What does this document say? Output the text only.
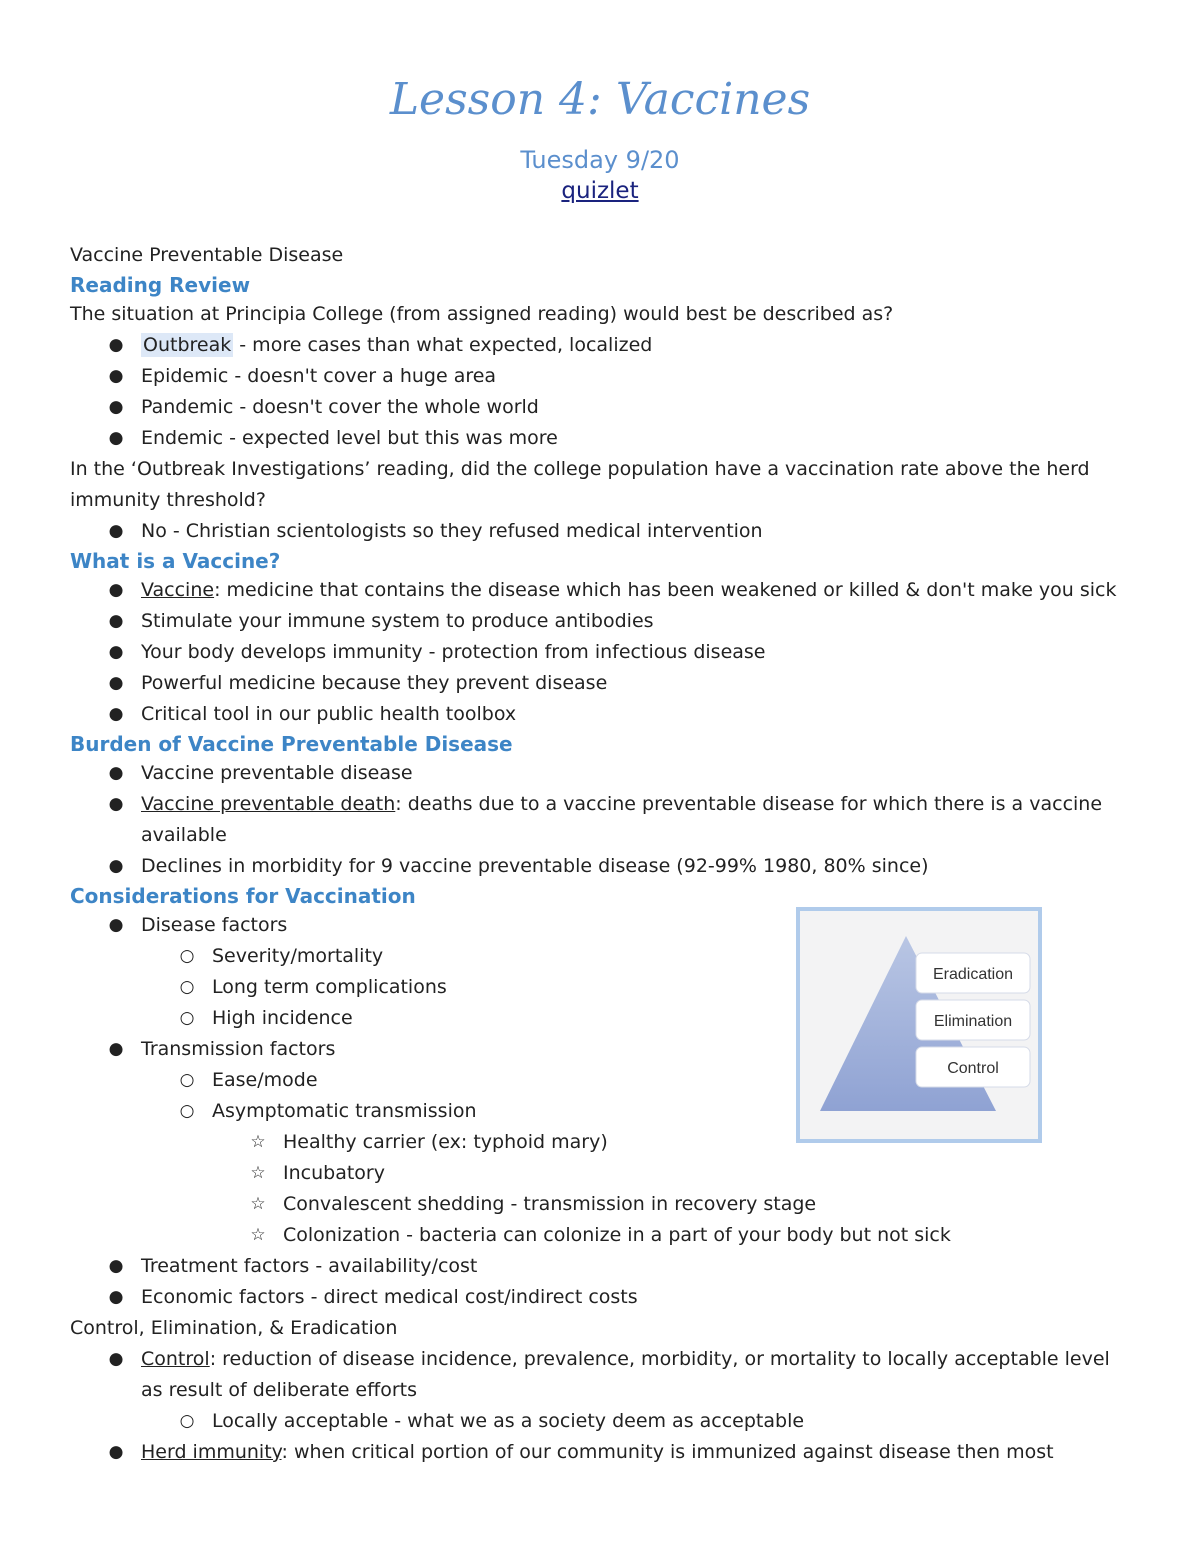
Lesson 4: Vaccines
Tuesday 9/20
quizlet
Vaccine Preventable Disease
Reading Review
The situation at Principia College (from assigned reading) would best be described as?
● Outbreak - more cases than what expected, localized
● Epidemic - doesn't cover a huge area
● Pandemic - doesn't cover the whole world
● Endemic - expected level but this was more
In the ‘Outbreak Investigations’ reading, did the college population have a vaccination rate above the herd immunity threshold?
● No - Christian scientologists so they refused medical intervention
What is a Vaccine?
● Vaccine: medicine that contains the disease which has been weakened or killed & don't make you sick
● Stimulate your immune system to produce antibodies
● Your body develops immunity - protection from infectious disease
● Powerful medicine because they prevent disease
● Critical tool in our public health toolbox
Burden of Vaccine Preventable Disease
● Vaccine preventable disease
● Vaccine preventable death: deaths due to a vaccine preventable disease for which there is a vaccine available
● Declines in morbidity for 9 vaccine preventable disease (92-99% 1980, 80% since)
Considerations for Vaccination
● Disease factors
○ Severity/mortality
○ Long term complications
○ High incidence
● Transmission factors
○ Ease/mode
○ Asymptomatic transmission
☆ Healthy carrier (ex: typhoid mary)
☆ Incubatory
☆ Convalescent shedding - transmission in recovery stage
☆ Colonization - bacteria can colonize in a part of your body but not sick
● Treatment factors - availability/cost
● Economic factors - direct medical cost/indirect costs
Control, Elimination, & Eradication
● Control: reduction of disease incidence, prevalence, morbidity, or mortality to locally acceptable level as result of deliberate efforts
○ Locally acceptable - what we as a society deem as acceptable
● Herd immunity: when critical portion of our community is immunized against disease then most
Eradication
Elimination
Control
